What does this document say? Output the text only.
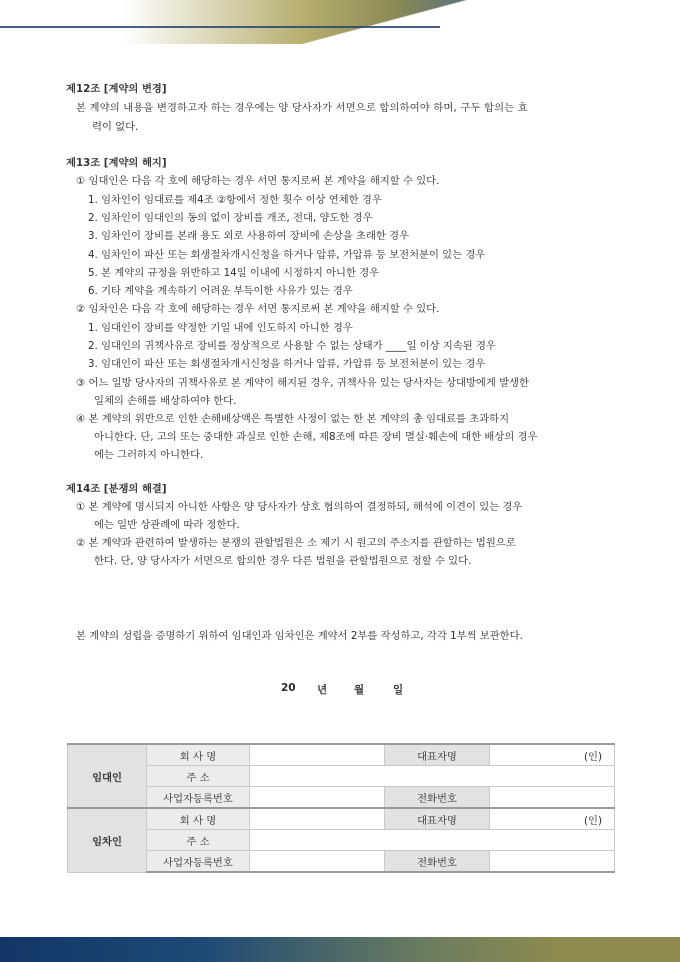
제12조 [계약의 변경]
본 계약의 내용을 변경하고자 하는 경우에는 양 당사자가 서면으로 합의하여야 하며, 구두 합의는 효
력이 없다.
제13조 [계약의 해지]
① 임대인은 다음 각 호에 해당하는 경우 서면 통지로써 본 계약을 해지할 수 있다.
1. 임차인이 임대료를 제4조 ②항에서 정한 횟수 이상 연체한 경우
2. 임차인이 임대인의 동의 없이 장비를 개조, 전대, 양도한 경우
3. 임차인이 장비를 본래 용도 외로 사용하여 장비에 손상을 초래한 경우
4. 임차인이 파산 또는 회생절차개시신청을 하거나 압류, 가압류 등 보전처분이 있는 경우
5. 본 계약의 규정을 위반하고 14일 이내에 시정하지 아니한 경우
6. 기타 계약을 계속하기 어려운 부득이한 사유가 있는 경우
② 임차인은 다음 각 호에 해당하는 경우 서면 통지로써 본 계약을 해지할 수 있다.
1. 임대인이 장비를 약정한 기일 내에 인도하지 아니한 경우
2. 임대인의 귀책사유로 장비를 정상적으로 사용할 수 없는 상태가 ____일 이상 지속된 경우
3. 임대인이 파산 또는 회생절차개시신청을 하거나 압류, 가압류 등 보전처분이 있는 경우
③ 어느 일방 당사자의 귀책사유로 본 계약이 해지된 경우, 귀책사유 있는 당사자는 상대방에게 발생한
일체의 손해를 배상하여야 한다.
④ 본 계약의 위반으로 인한 손해배상액은 특별한 사정이 없는 한 본 계약의 총 임대료를 초과하지
아니한다. 단, 고의 또는 중대한 과실로 인한 손해, 제8조에 따른 장비 멸실·훼손에 대한 배상의 경우
에는 그러하지 아니한다.
제14조 [분쟁의 해결]
① 본 계약에 명시되지 아니한 사항은 양 당사자가 상호 협의하여 결정하되, 해석에 이견이 있는 경우
에는 일반 상관례에 따라 정한다.
② 본 계약과 관련하여 발생하는 분쟁의 관할법원은 소 제기 시 원고의 주소지를 관할하는 법원으로
한다. 단, 양 당사자가 서면으로 합의한 경우 다른 법원을 관할법원으로 정할 수 있다.
본 계약의 성립을 증명하기 위하여 임대인과 임차인은 계약서 2부를 작성하고, 각각 1부씩 보관한다.
20 년	월	일
임대인	회 사 명		대표자명	(인)
	주 소			
	사업자등록번호		전화번호	
임차인	회 사 명		대표자명	(인)
	주 소			
	사업자등록번호		전화번호	
